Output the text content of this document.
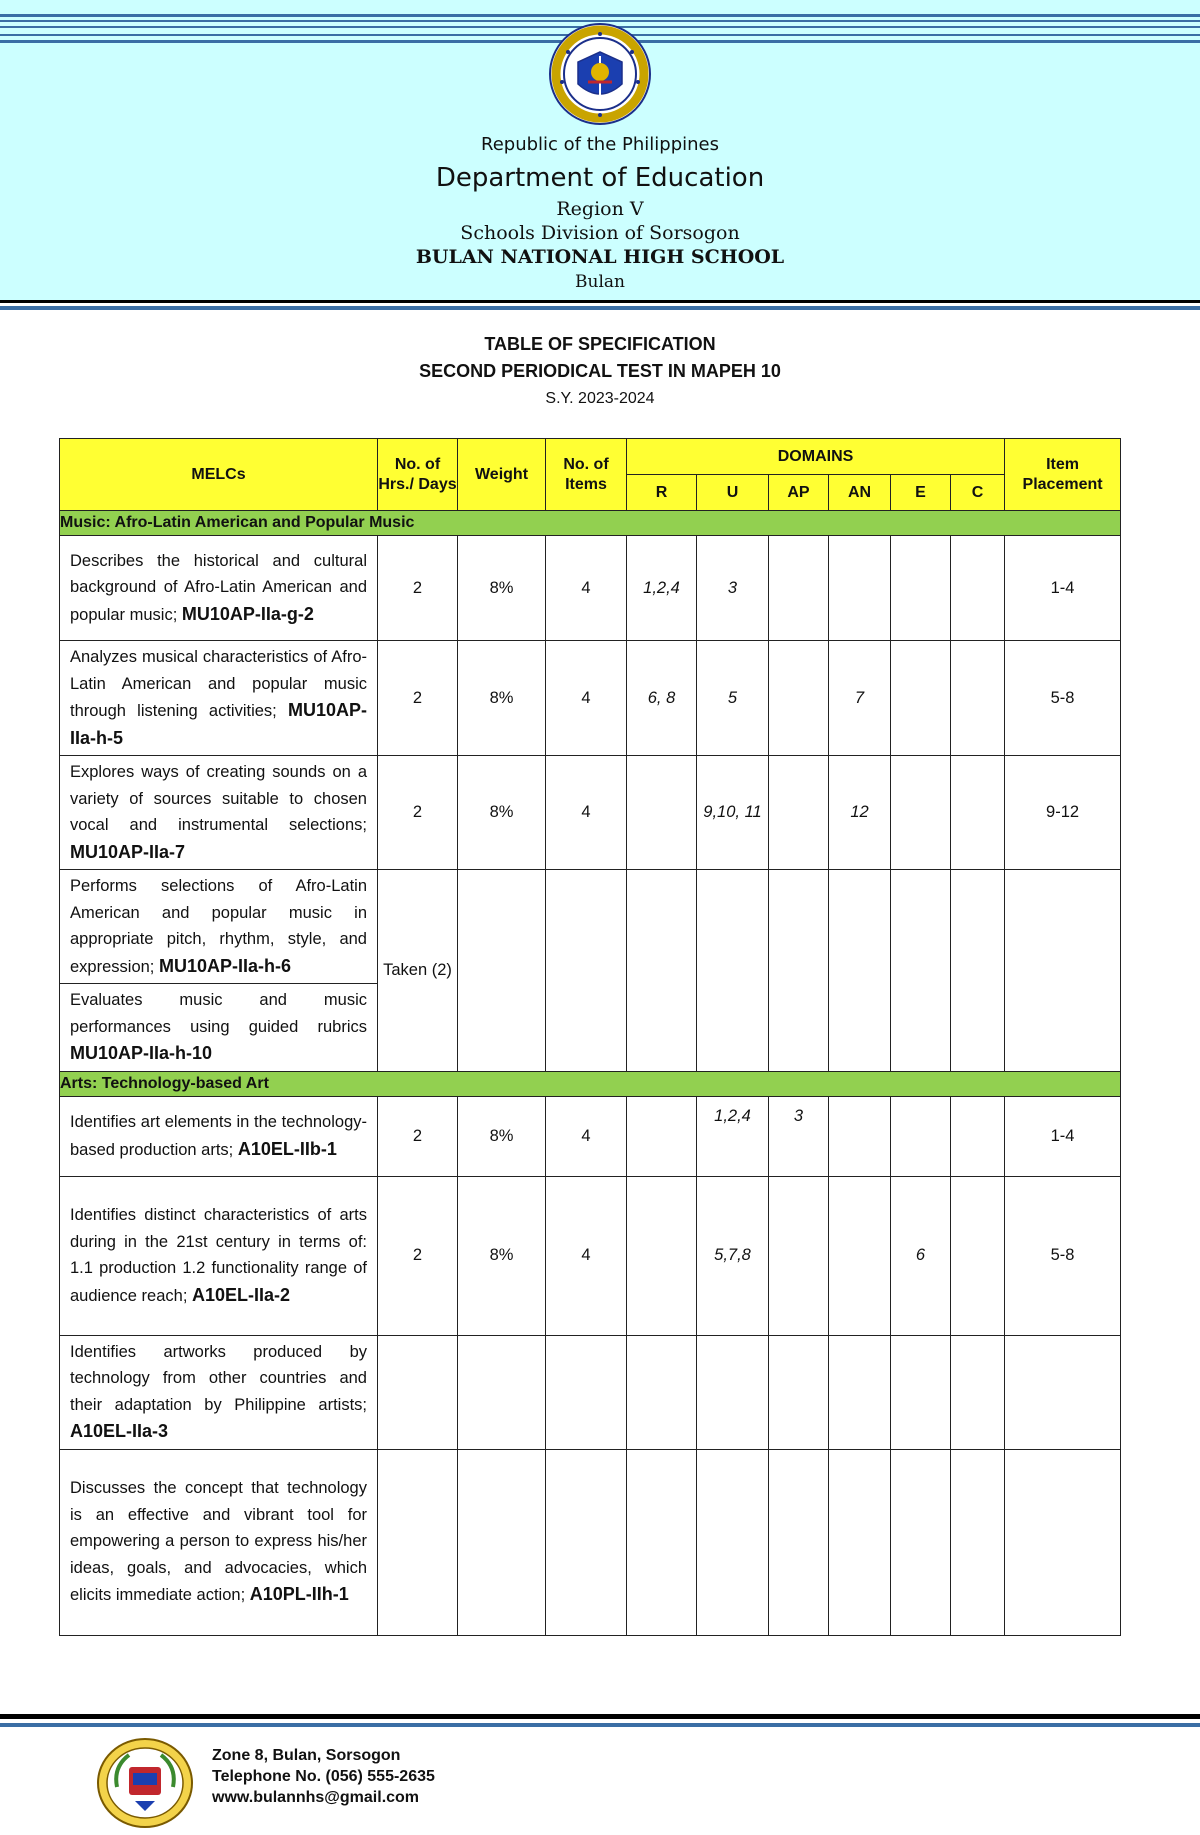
Republic of the Philippines
Department of Education
Region V
Schools Division of Sorsogon
BULAN NATIONAL HIGH SCHOOL
Bulan
TABLE OF SPECIFICATION
SECOND PERIODICAL TEST IN MAPEH 10
S.Y. 2023-2024
MELCs	No. of Hrs./ Days	Weight	No. of Items	DOMAINS						Item Placement
				R	U	AP	AN	E	C	
Music: Afro-Latin American and Popular Music										
Describes the historical and cultural background of Afro-Latin American and popular music; MU10AP-IIa-g-2	2	8%	4	1,2,4	3					1-4
Analyzes musical characteristics of Afro-Latin American and popular music through listening activities; MU10AP-IIa-h-5	2	8%	4	6, 8	5		7			5-8
Explores ways of creating sounds on a variety of sources suitable to chosen vocal and instrumental selections; MU10AP-IIa-7	2	8%	4		9,10, 11		12			9-12
Performs selections of Afro-Latin American and popular music in appropriate pitch, rhythm, style, and expression; MU10AP-IIa-h-6	Taken (2)									
Evaluates music and music performances using guided rubrics MU10AP-IIa-h-10										
Arts: Technology-based Art										
Identifies art elements in the technology-based production arts; A10EL-IIb-1	2	8%	4		1,2,4	3				1-4
Identifies distinct characteristics of arts during in the 21st century in terms of: 1.1 production 1.2 functionality range of audience reach; A10EL-IIa-2	2	8%	4		5,7,8			6		5-8
Identifies artworks produced by technology from other countries and their adaptation by Philippine artists; A10EL-IIa-3										
Discusses the concept that technology is an effective and vibrant tool for empowering a person to express his/her ideas, goals, and advocacies, which elicits immediate action; A10PL-IIh-1										
Zone 8, Bulan, Sorsogon
Telephone No. (056) 555-2635
www.bulannhs@gmail.com
